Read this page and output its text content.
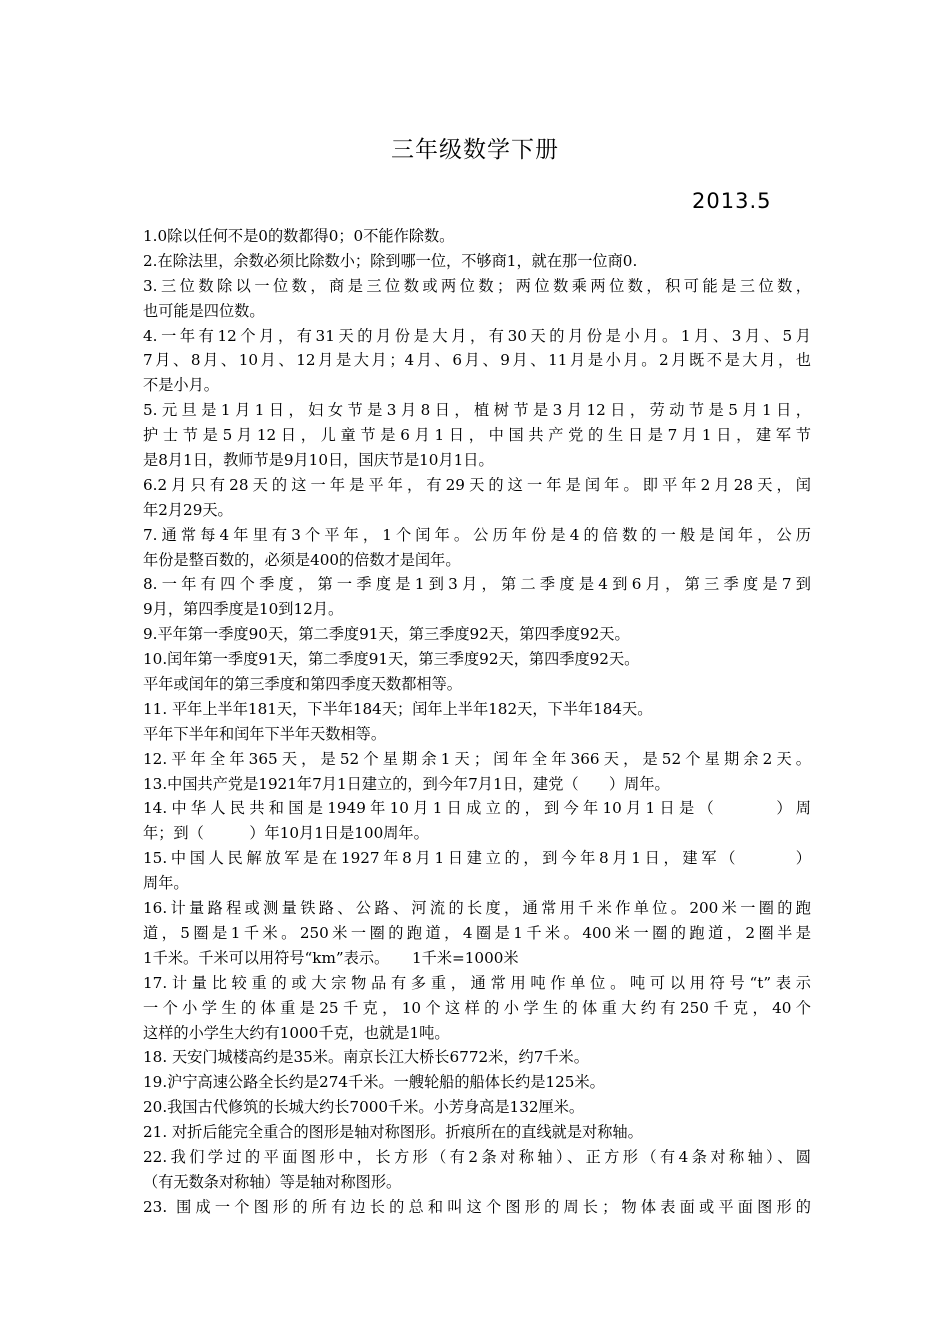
三年级数学下册
2013.5
1.0除以任何不是0的数都得0；0不能作除数。
2.在除法里，余数必须比除数小；除到哪一位，不够商1，就在那一位商0.
3.三位数除以一位数，商是三位数或两位数；两位数乘两位数，积可能是三位数，
也可能是四位数。
4.一年有12个月，有31天的月份是大月，有30天的月份是小月。1月、3月、5月
7月、8月、10月、12月是大月；4月、6月、9月、11月是小月。2月既不是大月，也
不是小月。
5.元旦是1月1日，妇女节是3月8日，植树节是3月12日，劳动节是5月1日，
护士节是5月12日，儿童节是6月1日，中国共产党的生日是7月1日，建军节
是8月1日，教师节是9月10日，国庆节是10月1日。
6.2月只有28天的这一年是平年，有29天的这一年是闰年。即平年2月28天，闰
年2月29天。
7.通常每4年里有3个平年，1个闰年。公历年份是4的倍数的一般是闰年，公历
年份是整百数的，必须是400的倍数才是闰年。
8.一年有四个季度，第一季度是1到3月，第二季度是4到6月，第三季度是7到
9月，第四季度是10到12月。
9.平年第一季度90天，第二季度91天，第三季度92天，第四季度92天。
10.闰年第一季度91天，第二季度91天，第三季度92天，第四季度92天。
平年或闰年的第三季度和第四季度天数都相等。
11. 平年上半年181天，下半年184天；闰年上半年182天，下半年184天。
平年下半年和闰年下半年天数相等。
12.平年全年365天，是52个星期余1天；闰年全年366天，是52个星期余2天。
13.中国共产党是1921年7月1日建立的，到今年7月1日，建党（　　）周年。
14.中华人民共和国是1949年10月1日成立的，到今年10月1日是（　　　）周
年；到（　　　）年10月1日是100周年。
15.中国人民解放军是在1927年8月1日建立的，到今年8月1日，建军（　　　）
周年。
16.计量路程或测量铁路、公路、河流的长度，通常用千米作单位。200米一圈的跑
道，5圈是1千米。250米一圈的跑道，4圈是1千米。400米一圈的跑道，2圈半是
1千米。千米可以用符号“km”表示。　　1千米=1000米
17.计量比较重的或大宗物品有多重，通常用吨作单位。吨可以用符号“t”表示
一个小学生的体重是25千克，10个这样的小学生的体重大约有250千克，40个
这样的小学生大约有1000千克，也就是1吨。
18. 天安门城楼高约是35米。南京长江大桥长6772米，约7千米。
19.沪宁高速公路全长约是274千米。一艘轮船的船体长约是125米。
20.我国古代修筑的长城大约长7000千米。小芳身高是132厘米。
21. 对折后能完全重合的图形是轴对称图形。折痕所在的直线就是对称轴。
22.我们学过的平面图形中，长方形（有2条对称轴）、正方形（有4条对称轴）、圆
（有无数条对称轴）等是轴对称图形。
23. 围成一个图形的所有边长的总和叫这个图形的周长；物体表面或平面图形的
